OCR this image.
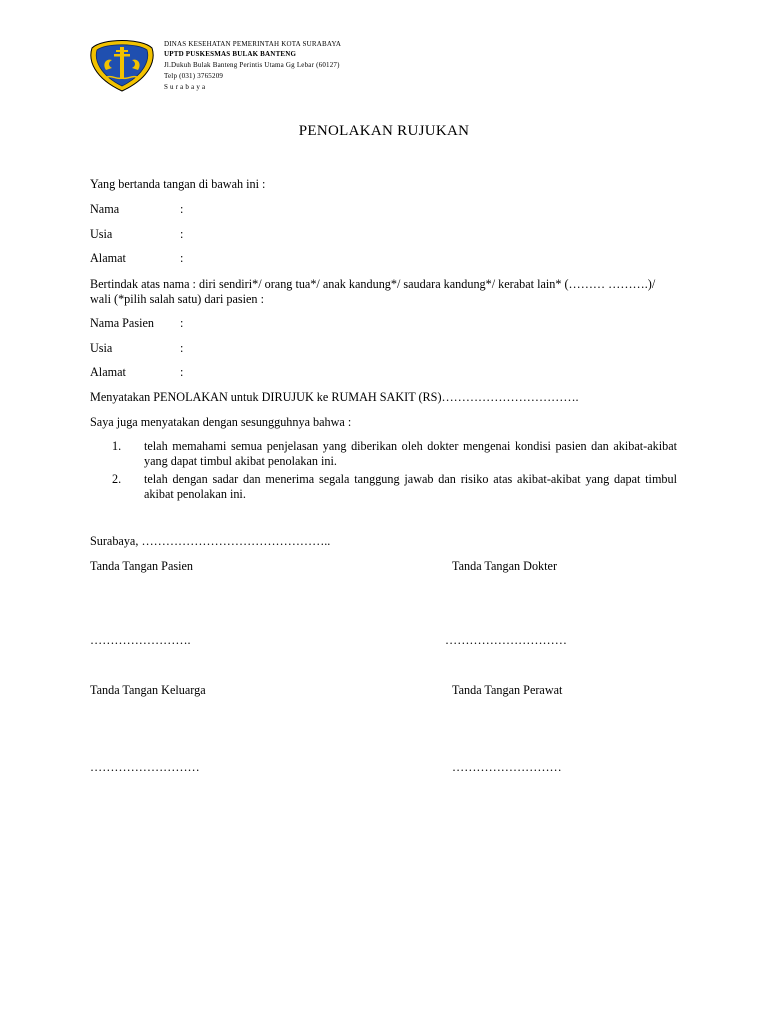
DINAS KESEHATAN PEMERINTAH KOTA SURABAYA
UPTD PUSKESMAS BULAK BANTENG
Jl.Dukuh Bulak Banteng Perintis Utama Gg Lebar (60127)
Telp (031) 3765209
S u r a b a y a
PENOLAKAN RUJUKAN
Yang bertanda tangan di bawah ini :
Nama	:
Usia	:
Alamat	:
Bertindak atas nama : diri sendiri*/ orang tua*/ anak kandung*/ saudara kandung*/ kerabat lain* (……… ……….)/ wali (*pilih salah satu) dari pasien :
Nama Pasien :
Usia	:
Alamat	:
Menyatakan PENOLAKAN untuk DIRUJUK ke RUMAH SAKIT (RS)…………………………….
Saya juga menyatakan dengan sesungguhnya bahwa :
1.	telah memahami semua penjelasan yang diberikan oleh dokter mengenai kondisi pasien dan akibat-akibat yang dapat timbul akibat penolakan ini.
2.	telah dengan sadar dan menerima segala tanggung jawab dan risiko atas akibat-akibat yang dapat timbul akibat penolakan ini.
Surabaya, ………………………………………..
Tanda Tangan Pasien	Tanda Tangan Dokter
…………………….	…………………………
Tanda Tangan Keluarga	Tanda Tangan Perawat
………………………	………………………
